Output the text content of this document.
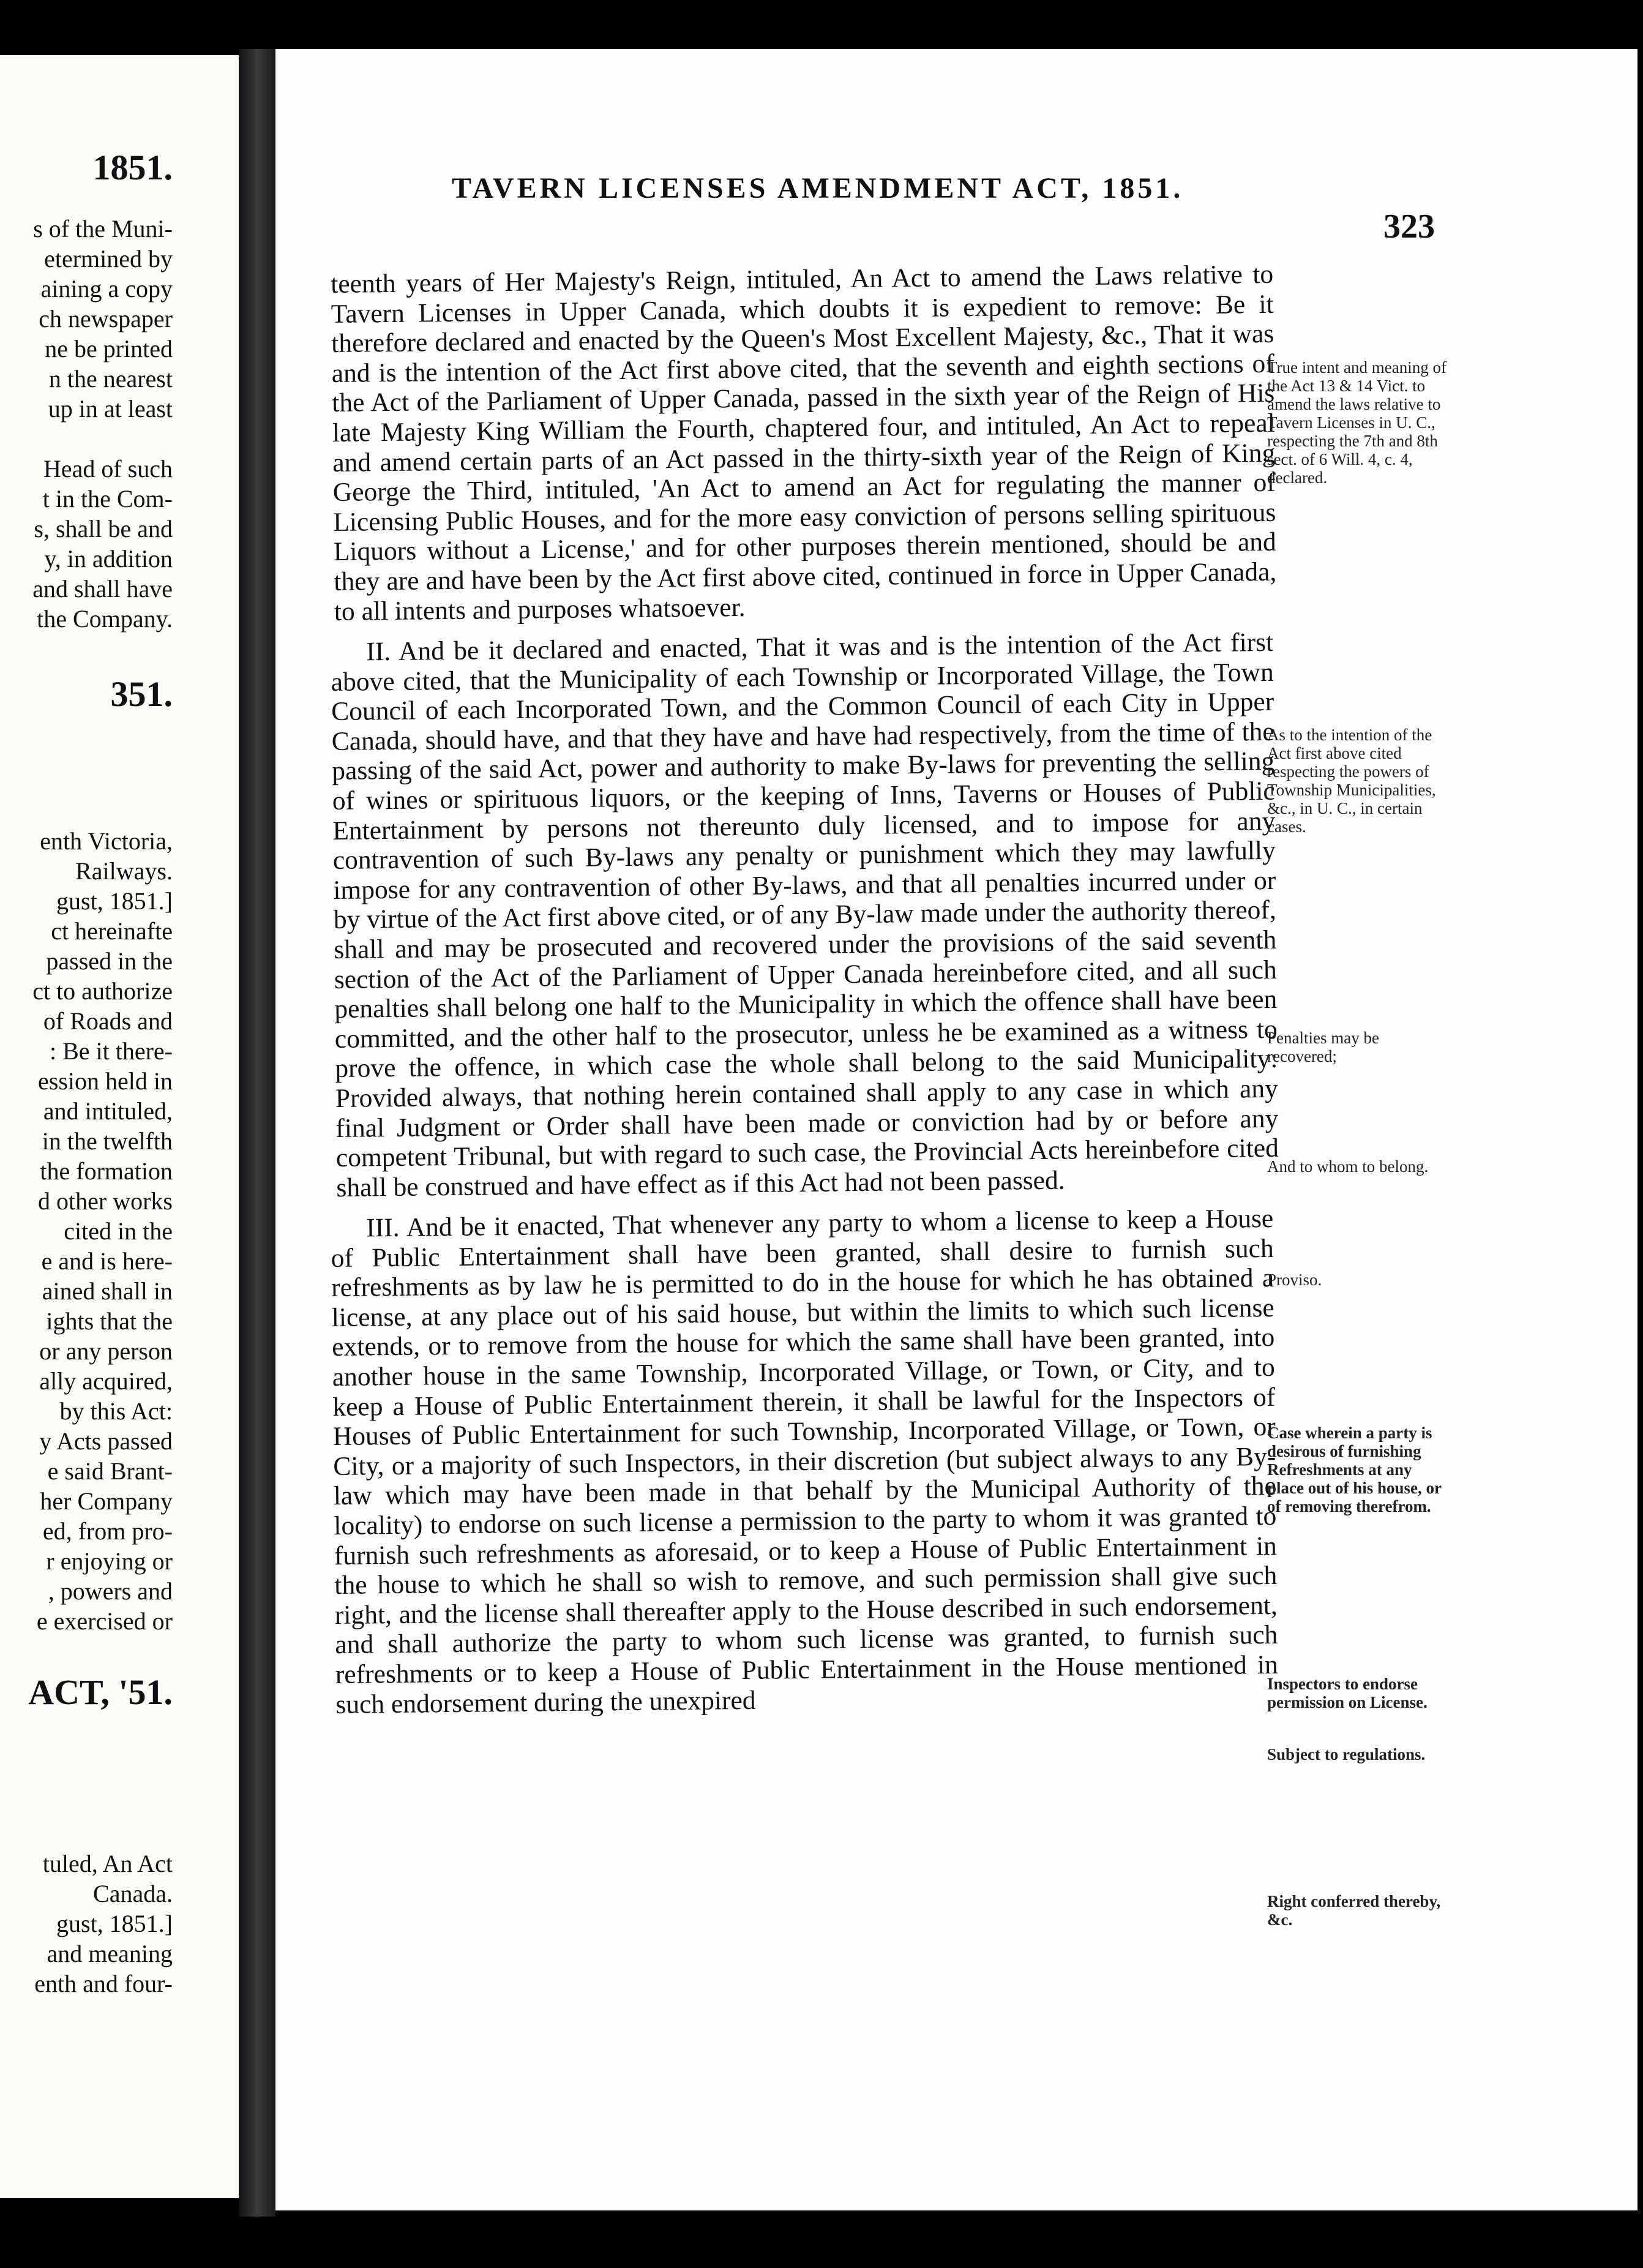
1851.
s of the Muni-
etermined by
aining a copy
ch newspaper
ne be printed
n the nearest
up in at least
Head of such
t in the Com-
s, shall be and
y, in addition
and shall have
the Company.
351.
enth Victoria,
Railways.
gust, 1851.]
ct hereinafte
passed in the
ct to authorize
of Roads and
: Be it there-
ession held in
and intituled,
in the twelfth
the formation
d other works
cited in the
e and is here-
ained shall in
ights that the
or any person
ally acquired,
by this Act:
y Acts passed
e said Brant-
her Company
ed, from pro-
r enjoying or
, powers and
e exercised or
ACT, '51.
tuled, An Act
Canada.
gust, 1851.]
and meaning
enth and four-
TAVERN LICENSES AMENDMENT ACT, 1851.
323

teenth years of Her Majesty's Reign, intituled, An Act to amend the Laws relative to Tavern Licenses in Upper Canada, which doubts it is expedient to remove: Be it therefore declared and enacted by the Queen's Most Excellent Majesty, &c., That it was and is the intention of the Act first above cited, that the seventh and eighth sections of the Act of the Parliament of Upper Canada, passed in the sixth year of the Reign of His late Majesty King William the Fourth, chaptered four, and intituled, An Act to repeal and amend certain parts of an Act passed in the thirty-sixth year of the Reign of King George the Third, intituled, 'An Act to amend an Act for regulating the manner of Licensing Public Houses, and for the more easy conviction of persons selling spirituous Liquors without a License,' and for other purposes therein mentioned, should be and they are and have been by the Act first above cited, continued in force in Upper Canada, to all intents and purposes whatsoever.

II. And be it declared and enacted, That it was and is the intention of the Act first above cited, that the Municipality of each Township or Incorporated Village, the Town Council of each Incorporated Town, and the Common Council of each City in Upper Canada, should have, and that they have and have had respectively, from the time of the passing of the said Act, power and authority to make By-laws for preventing the selling of wines or spirituous liquors, or the keeping of Inns, Taverns or Houses of Public Entertainment by persons not thereunto duly licensed, and to impose for any contravention of such By-laws any penalty or punishment which they may lawfully impose for any contravention of other By-laws, and that all penalties incurred under or by virtue of the Act first above cited, or of any By-law made under the authority thereof, shall and may be prosecuted and recovered under the provisions of the said seventh section of the Act of the Parliament of Upper Canada hereinbefore cited, and all such penalties shall belong one half to the Municipality in which the offence shall have been committed, and the other half to the prosecutor, unless he be examined as a witness to prove the offence, in which case the whole shall belong to the said Municipality: Provided always, that nothing herein contained shall apply to any case in which any final Judgment or Order shall have been made or conviction had by or before any competent Tribunal, but with regard to such case, the Provincial Acts hereinbefore cited shall be construed and have effect as if this Act had not been passed.

III. And be it enacted, That whenever any party to whom a license to keep a House of Public Entertainment shall have been granted, shall desire to furnish such refreshments as by law he is permitted to do in the house for which he has obtained a license, at any place out of his said house, but within the limits to which such license extends, or to remove from the house for which the same shall have been granted, into another house in the same Township, Incorporated Village, or Town, or City, and to keep a House of Public Entertainment therein, it shall be lawful for the Inspectors of Houses of Public Entertainment for such Township, Incorporated Village, or Town, or City, or a majority of such Inspectors, in their discretion (but subject always to any By-law which may have been made in that behalf by the Municipal Authority of the locality) to endorse on such license a permission to the party to whom it was granted to furnish such refreshments as aforesaid, or to keep a House of Public Entertainment in the house to which he shall so wish to remove, and such permission shall give such right, and the license shall thereafter apply to the House described in such endorsement, and shall authorize the party to whom such license was granted, to furnish such refreshments or to keep a House of Public Entertainment in the House mentioned in such endorsement during the unexpired

True intent and meaning of the Act 13 & 14 Vict. to amend the laws relative to Tavern Licenses in U. C., respecting the 7th and 8th sect. of 6 Will. 4, c. 4, declared.
As to the intention of the Act first above cited respecting the powers of Township Municipalities, &c., in U. C., in certain cases.
Penalties may be recovered;
And to whom to belong.
Proviso.
Case wherein a party is desirous of furnishing Refreshments at any place out of his house, or of removing therefrom.
Inspectors to endorse permission on License.
Subject to regulations.
Right conferred thereby, &c.
